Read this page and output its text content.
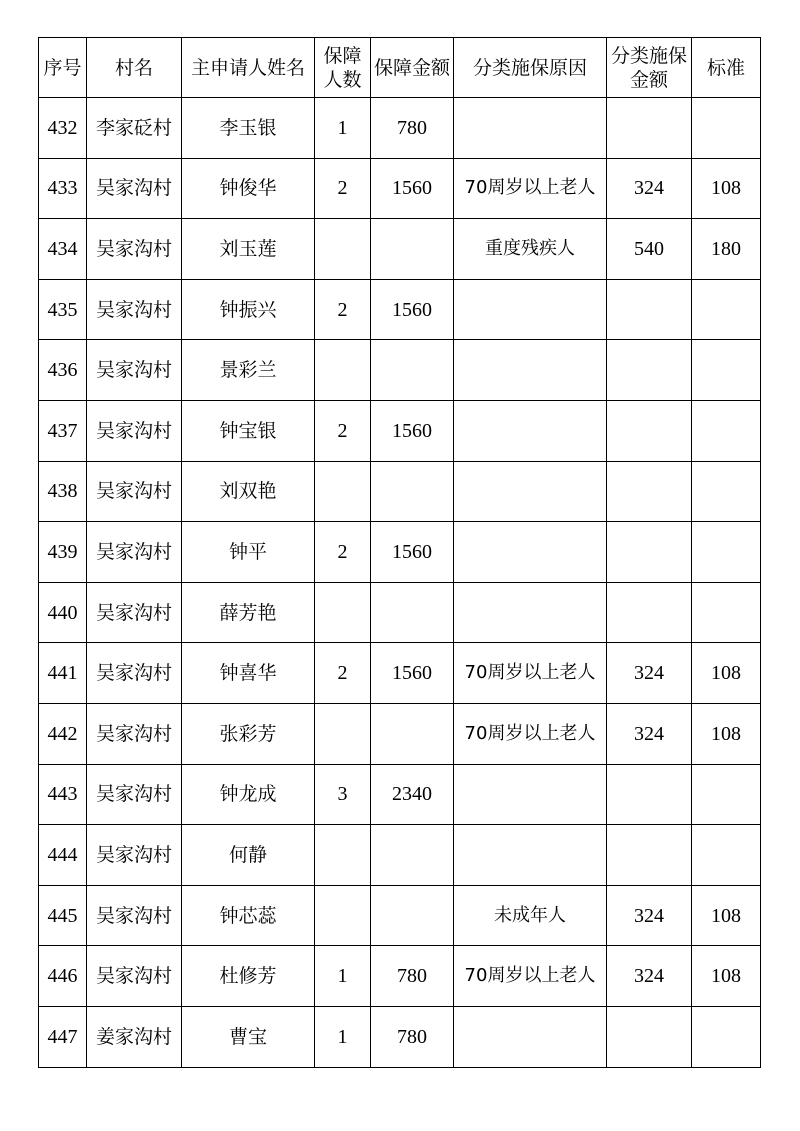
序号	村名	主申请人姓名	保障人数	保障金额	分类施保原因	分类施保金额	标准
432	李家砭村	李玉银	1	780			
433	吴家沟村	钟俊华	2	1560	70周岁以上老人	324	108
434	吴家沟村	刘玉莲			重度残疾人	540	180
435	吴家沟村	钟振兴	2	1560			
436	吴家沟村	景彩兰					
437	吴家沟村	钟宝银	2	1560			
438	吴家沟村	刘双艳					
439	吴家沟村	钟平	2	1560			
440	吴家沟村	薛芳艳					
441	吴家沟村	钟喜华	2	1560	70周岁以上老人	324	108
442	吴家沟村	张彩芳			70周岁以上老人	324	108
443	吴家沟村	钟龙成	3	2340			
444	吴家沟村	何静					
445	吴家沟村	钟芯蕊			未成年人	324	108
446	吴家沟村	杜修芳	1	780	70周岁以上老人	324	108
447	姜家沟村	曹宝	1	780			
